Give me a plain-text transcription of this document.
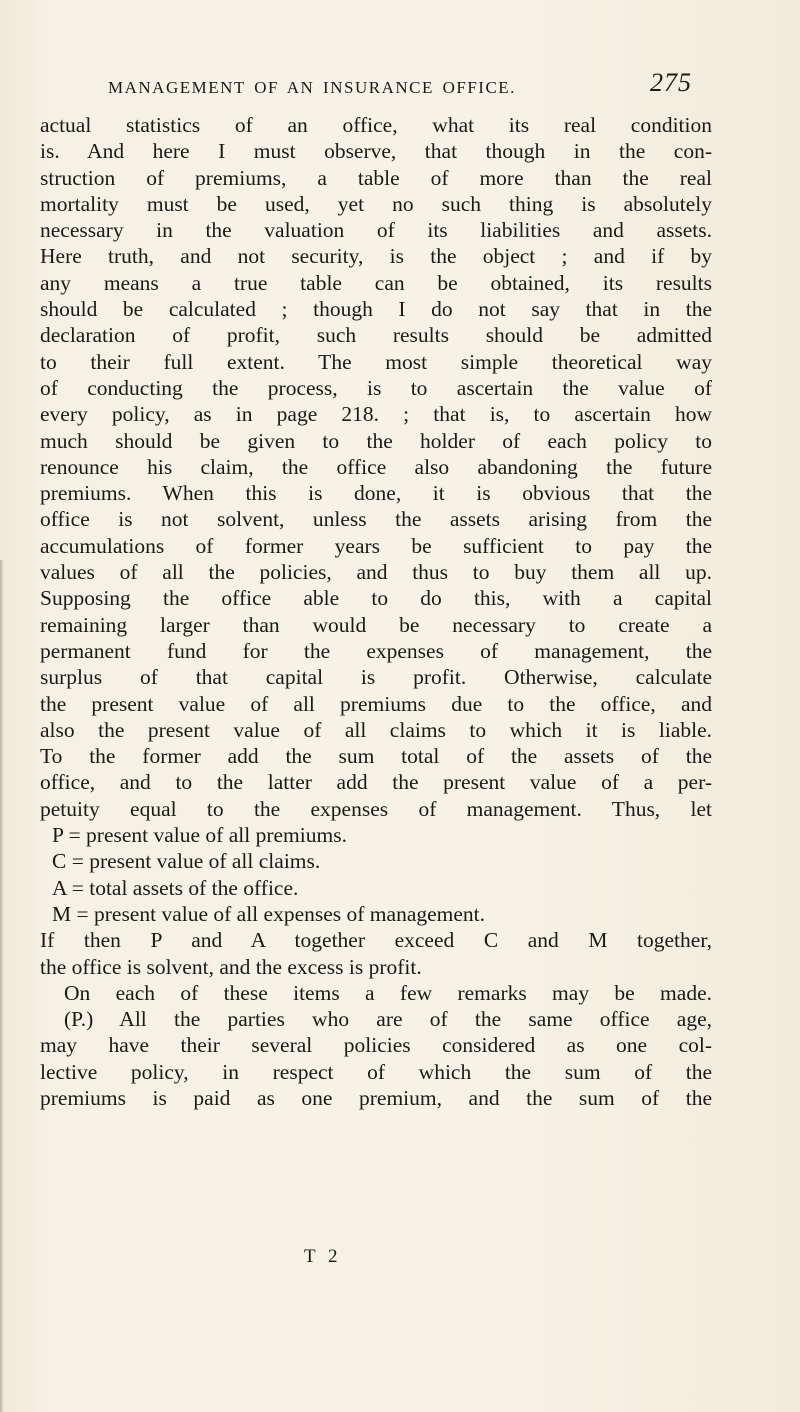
MANAGEMENT OF AN INSURANCE OFFICE.	275
actual statistics of an office, what its real condition
is. And here I must observe, that though in the con-
struction of premiums, a table of more than the real
mortality must be used, yet no such thing is absolutely
necessary in the valuation of its liabilities and assets.
Here truth, and not security, is the object ; and if by
any means a true table can be obtained, its results
should be calculated ; though I do not say that in the
declaration of profit, such results should be admitted
to their full extent. The most simple theoretical way
of conducting the process, is to ascertain the value of
every policy, as in page 218. ; that is, to ascertain how
much should be given to the holder of each policy to
renounce his claim, the office also abandoning the future
premiums. When this is done, it is obvious that the
office is not solvent, unless the assets arising from the
accumulations of former years be sufficient to pay the
values of all the policies, and thus to buy them all up.
Supposing the office able to do this, with a capital
remaining larger than would be necessary to create a
permanent fund for the expenses of management, the
surplus of that capital is profit. Otherwise, calculate
the present value of all premiums due to the office, and
also the present value of all claims to which it is liable.
To the former add the sum total of the assets of the
office, and to the latter add the present value of a per-
petuity equal to the expenses of management. Thus, let
P = present value of all premiums.
C = present value of all claims.
A = total assets of the office.
M = present value of all expenses of management.
If then P and A together exceed C and M together,
the office is solvent, and the excess is profit.
On each of these items a few remarks may be made.
(P.) All the parties who are of the same office age,
may have their several policies considered as one col-
lective policy, in respect of which the sum of the
premiums is paid as one premium, and the sum of the
T 2
